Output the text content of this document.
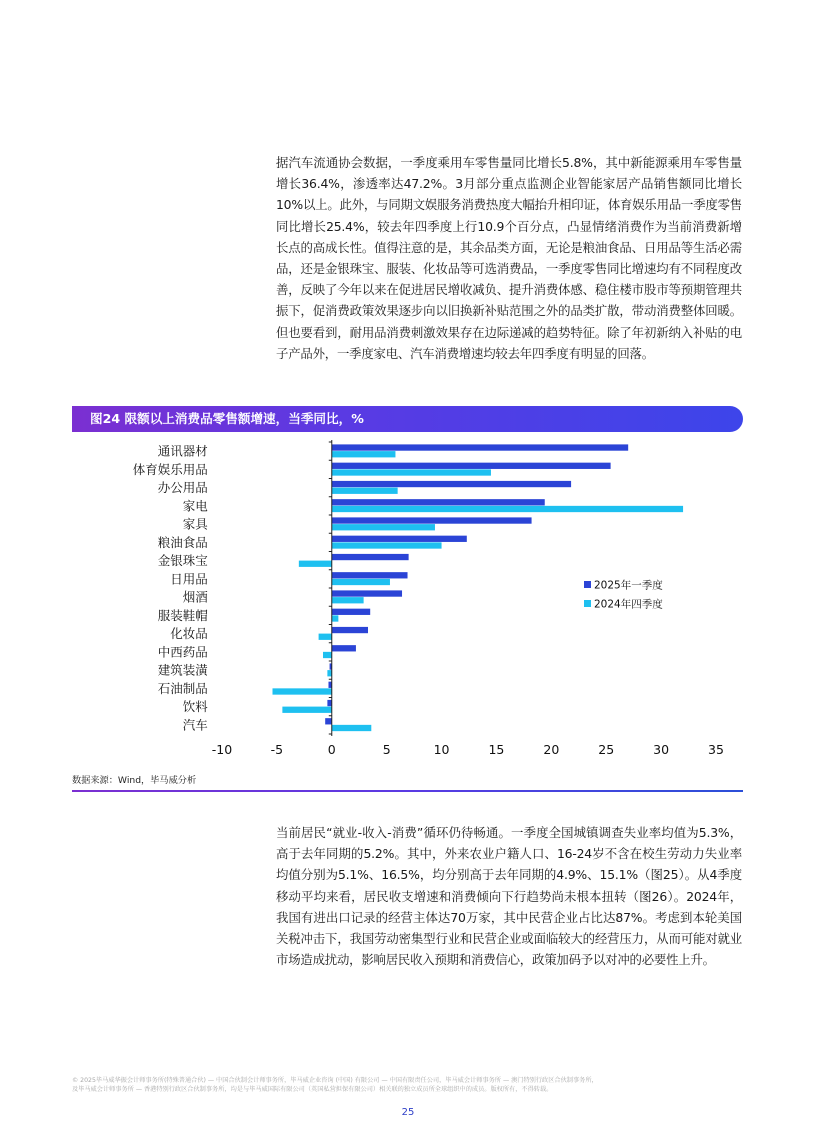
据汽车流通协会数据，一季度乘用车零售量同比增长5.8%，其中新能源乘用车零售量增长36.4%，渗透率达47.2%。3月部分重点监测企业智能家居产品销售额同比增长10%以上。此外，与同期文娱服务消费热度大幅抬升相印证，体育娱乐用品一季度零售同比增长25.4%，较去年四季度上行10.9个百分点，凸显情绪消费作为当前消费新增长点的高成长性。值得注意的是，其余品类方面，无论是粮油食品、日用品等生活必需品，还是金银珠宝、服装、化妆品等可选消费品，一季度零售同比增速均有不同程度改善，反映了今年以来在促进居民增收减负、提升消费体感、稳住楼市股市等预期管理共振下，促消费政策效果逐步向以旧换新补贴范围之外的品类扩散，带动消费整体回暖。但也要看到，耐用品消费刺激效果存在边际递减的趋势特征。除了年初新纳入补贴的电子产品外，一季度家电、汽车消费增速均较去年四季度有明显的回落。

图24 限额以上消费品零售额增速，当季同比，%
通讯器材
体育娱乐用品
办公用品
家电
家具
粮油食品
金银珠宝
日用品
烟酒
服装鞋帽
化妆品
中西药品
建筑装潢
石油制品
饮料
汽车
-10	-5	0	5	10	15	20	25	30	35
2025年一季度
2024年四季度
数据来源：Wind，毕马威分析

当前居民“就业-收入-消费”循环仍待畅通。一季度全国城镇调查失业率均值为5.3%，高于去年同期的5.2%。其中，外来农业户籍人口、16-24岁不含在校生劳动力失业率均值分别为5.1%、16.5%，均分别高于去年同期的4.9%、15.1%（图25）。从4季度移动平均来看，居民收支增速和消费倾向下行趋势尚未根本扭转（图26）。2024年，我国有进出口记录的经营主体达70万家，其中民营企业占比达87%。考虑到本轮美国关税冲击下，我国劳动密集型行业和民营企业或面临较大的经营压力，从而可能对就业市场造成扰动，影响居民收入预期和消费信心，政策加码予以对冲的必要性上升。

© 2025毕马威华振会计师事务所(特殊普通合伙) — 中国合伙制会计师事务所，毕马威企业咨询 (中国) 有限公司 — 中国有限责任公司，毕马威会计师事务所 — 澳门特别行政区合伙制事务所，
及毕马威会计师事务所 — 香港特别行政区合伙制事务所，均是与毕马威国际有限公司（英国私营担保有限公司）相关联的独立成员所全球组织中的成员。版权所有，不得转载。
25
